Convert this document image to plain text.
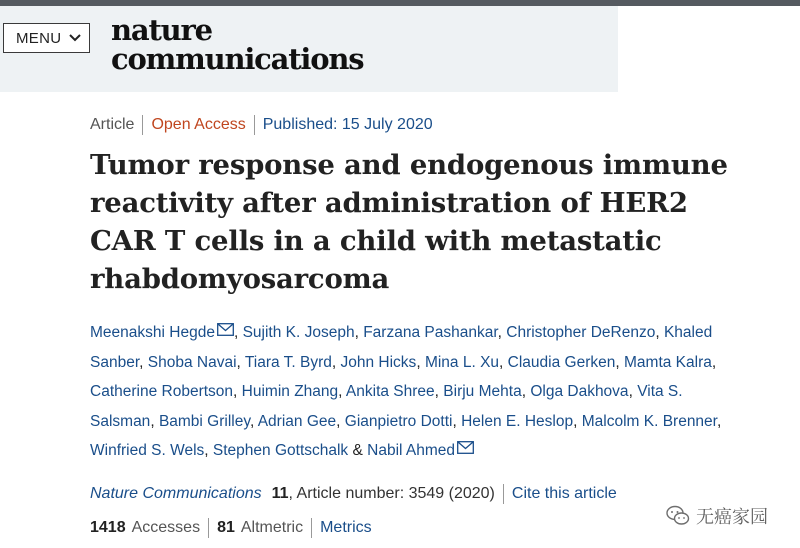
MENU nature
communications
Article Open Access Published: 15 July 2020
Tumor response and endogenous immune reactivity after administration of HER2 CAR T cells in a child with metastatic rhabdomyosarcoma
Meenakshi Hegde , Sujith K. Joseph, Farzana Pashankar, Christopher DeRenzo, Khaled Sanber, Shoba Navai, Tiara T. Byrd, John Hicks, Mina L. Xu, Claudia Gerken, Mamta Kalra, Catherine Robertson, Huimin Zhang, Ankita Shree, Birju Mehta, Olga Dakhova, Vita S. Salsman, Bambi Grilley, Adrian Gee, Gianpietro Dotti, Helen E. Heslop, Malcolm K. Brenner, Winfried S. Wels, Stephen Gottschalk & Nabil Ahmed
Nature Communications 11 , Article number: 3549 (2020) Cite this article
1418 Accesses 81 Altmetric Metrics
无癌家园
